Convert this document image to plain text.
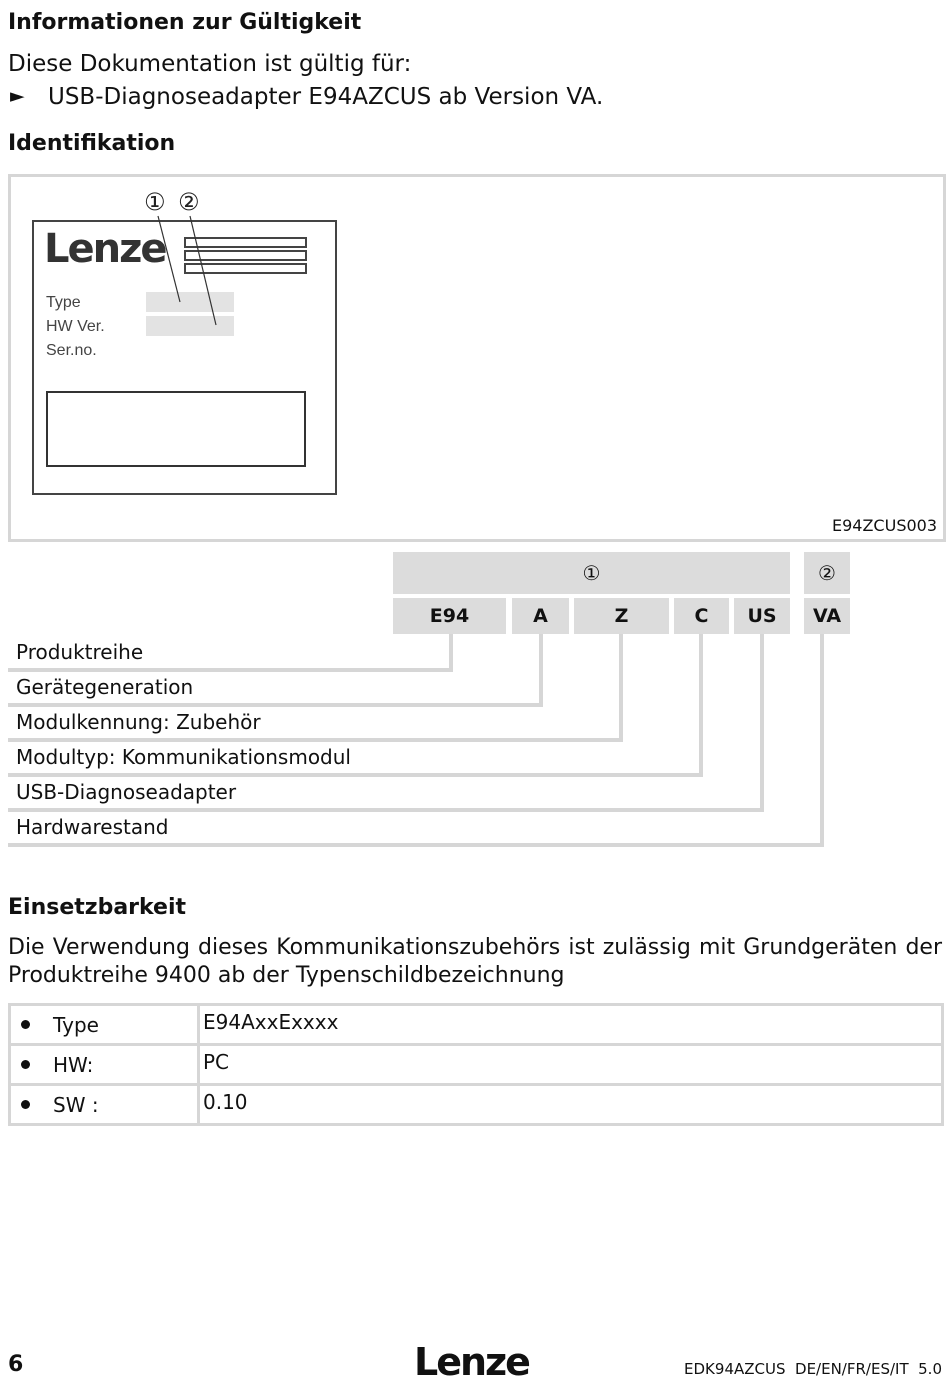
Informationen zur Gültigkeit
Diese Dokumentation ist gültig für:
► USB-Diagnoseadapter E94AZCUS ab Version VA.
Identifikation
Lenze
Type
HW Ver.
Ser.no.
① ②
E94ZCUS003
①	②
E94	A	Z	C	US	VA
Produktreihe
Gerätegeneration
Modulkennung: Zubehör
Modultyp: Kommunikationsmodul
USB-Diagnoseadapter
Hardwarestand
Einsetzbarkeit
Die Verwendung dieses Kommunikationszubehörs ist zulässig mit Grundgeräten der Produktreihe 9400 ab der Typenschildbezeichnung
Type	E94AxxExxxx
HW:	PC
SW :	0.10
6	Lenze	EDK94AZCUS  DE/EN/FR/ES/IT  5.0
